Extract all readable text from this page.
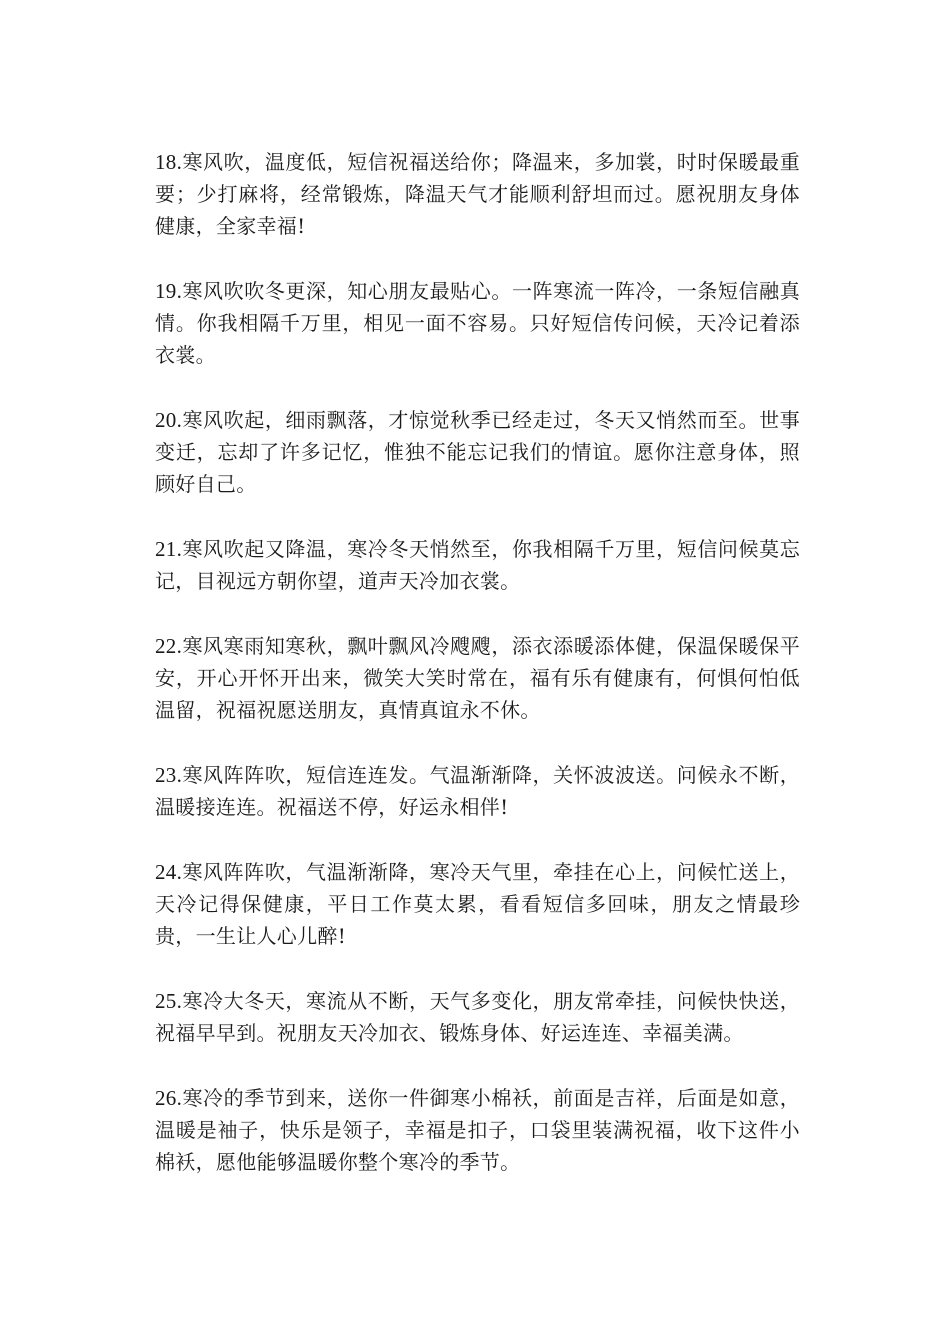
18.寒风吹，温度低，短信祝福送给你；降温来，多加裳，时时保暖最重要；少打麻将，经常锻炼，降温天气才能顺利舒坦而过。愿祝朋友身体健康，全家幸福!

19.寒风吹吹冬更深，知心朋友最贴心。一阵寒流一阵冷，一条短信融真情。你我相隔千万里，相见一面不容易。只好短信传问候，天冷记着添衣裳。

20.寒风吹起，细雨飘落，才惊觉秋季已经走过，冬天又悄然而至。世事变迁，忘却了许多记忆，惟独不能忘记我们的情谊。愿你注意身体，照顾好自己。

21.寒风吹起又降温，寒冷冬天悄然至，你我相隔千万里，短信问候莫忘记，目视远方朝你望，道声天冷加衣裳。

22.寒风寒雨知寒秋，飘叶飘风冷飕飕，添衣添暖添体健，保温保暖保平安，开心开怀开出来，微笑大笑时常在，福有乐有健康有，何惧何怕低温留，祝福祝愿送朋友，真情真谊永不休。

23.寒风阵阵吹，短信连连发。气温渐渐降，关怀波波送。问候永不断，温暖接连连。祝福送不停，好运永相伴!

24.寒风阵阵吹，气温渐渐降，寒冷天气里，牵挂在心上，问候忙送上，天冷记得保健康，平日工作莫太累，看看短信多回味，朋友之情最珍贵，一生让人心儿醉!

25.寒冷大冬天，寒流从不断，天气多变化，朋友常牵挂，问候快快送，祝福早早到。祝朋友天冷加衣、锻炼身体、好运连连、幸福美满。

26.寒冷的季节到来，送你一件御寒小棉袄，前面是吉祥，后面是如意，温暖是袖子，快乐是领子，幸福是扣子，口袋里装满祝福，收下这件小棉袄，愿他能够温暖你整个寒冷的季节。
